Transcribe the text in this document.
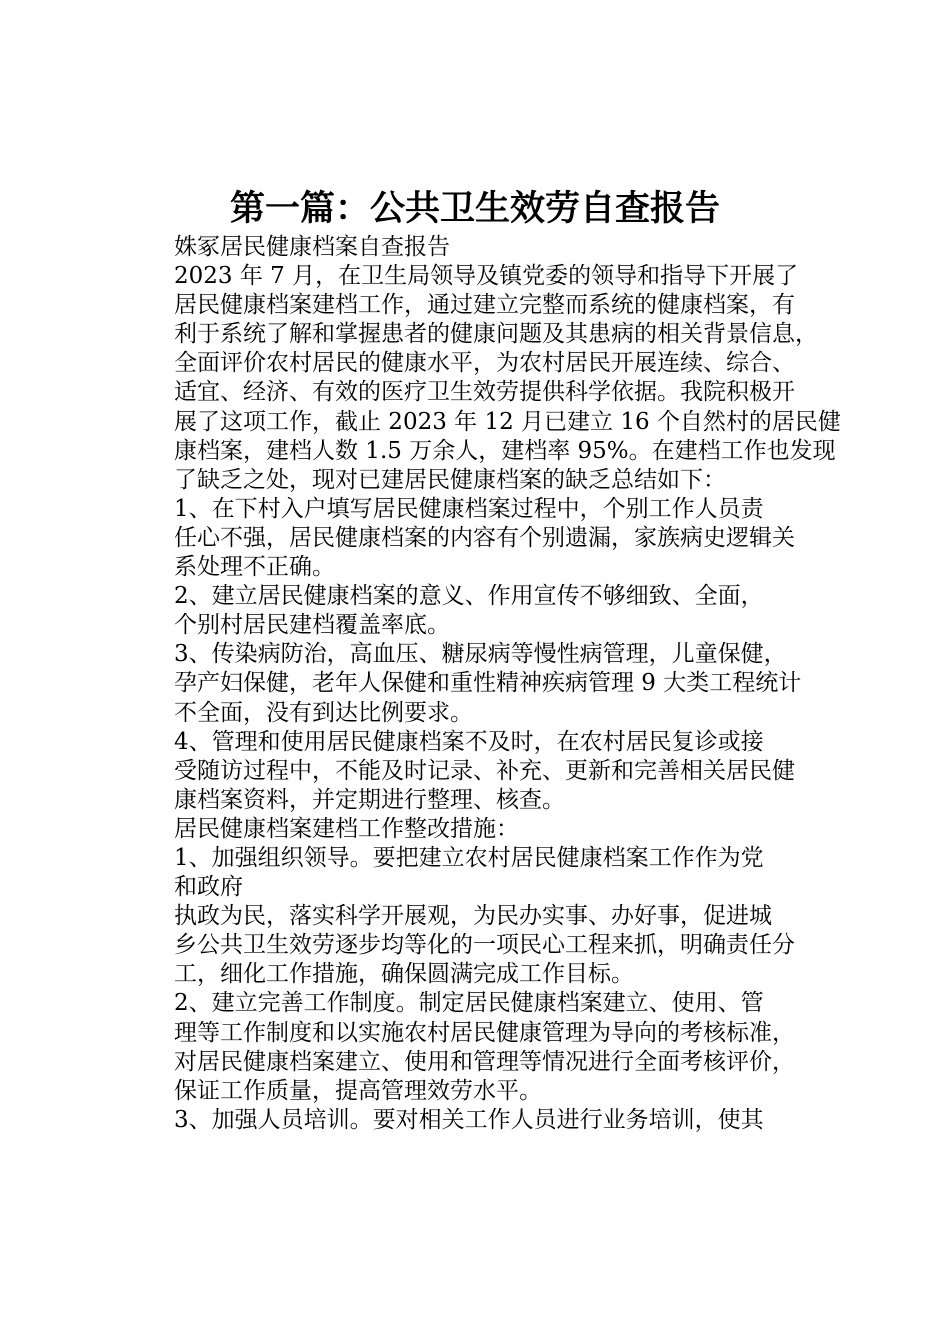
第一篇：公共卫生效劳自查报告

姝冢居民健康档案自查报告

2023 年 7 月，在卫生局领导及镇党委的领导和指导下开展了
居民健康档案建档工作，通过建立完整而系统的健康档案，有
利于系统了解和掌握患者的健康问题及其患病的相关背景信息，
全面评价农村居民的健康水平，为农村居民开展连续、综合、
适宜、经济、有效的医疗卫生效劳提供科学依据。我院积极开
展了这项工作，截止 2023 年 12 月已建立 16 个自然村的居民健
康档案，建档人数 1.5 万余人，建档率 95%。在建档工作也发现
了缺乏之处，现对已建居民健康档案的缺乏总结如下：

1、在下村入户填写居民健康档案过程中，个别工作人员责
任心不强，居民健康档案的内容有个别遗漏，家族病史逻辑关
系处理不正确。

2、建立居民健康档案的意义、作用宣传不够细致、全面，
个别村居民建档覆盖率底。

3、传染病防治，高血压、糖尿病等慢性病管理，儿童保健，
孕产妇保健，老年人保健和重性精神疾病管理 9 大类工程统计
不全面，没有到达比例要求。

4、管理和使用居民健康档案不及时，在农村居民复诊或接
受随访过程中，不能及时记录、补充、更新和完善相关居民健
康档案资料，并定期进行整理、核查。

居民健康档案建档工作整改措施：

1、加强组织领导。要把建立农村居民健康档案工作作为党
和政府

执政为民，落实科学开展观，为民办实事、办好事，促进城
乡公共卫生效劳逐步均等化的一项民心工程来抓，明确责任分
工，细化工作措施，确保圆满完成工作目标。

2、建立完善工作制度。制定居民健康档案建立、使用、管
理等工作制度和以实施农村居民健康管理为导向的考核标准，
对居民健康档案建立、使用和管理等情况进行全面考核评价，
保证工作质量，提高管理效劳水平。

3、加强人员培训。要对相关工作人员进行业务培训，使其
